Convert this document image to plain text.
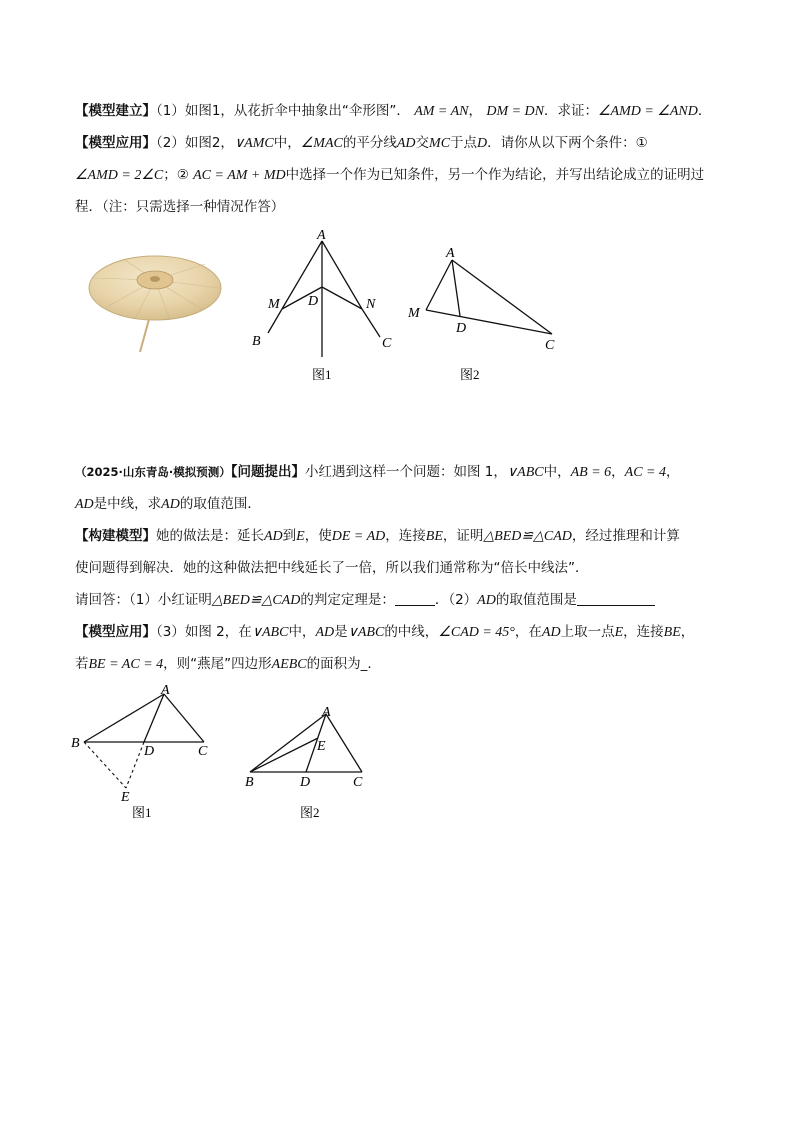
【模型建立】（1）如图1，从花折伞中抽象出“伞形图”． AM = AN， DM = DN．求证：∠AMD = ∠AND．
【模型应用】（2）如图2，∨AMC中，∠MAC的平分线AD交MC于点D．请你从以下两个条件：①
∠AMD = 2∠C；② AC = AM + MD中选择一个作为已知条件，另一个作为结论，并写出结论成立的证明过
程．（注：只需选择一种情况作答）
A
M D	N
B	C
图1
A
M
D
C
图2
（2025·山东青岛·模拟预测）【问题提出】小红遇到这样一个问题：如图 1，∨ABC中，AB = 6，AC = 4，
AD是中线，求AD的取值范围．
【构建模型】她的做法是：延长AD到E，使DE = AD，连接BE，证明△BED≌△CAD，经过推理和计算
使问题得到解决．她的这种做法把中线延长了一倍，所以我们通常称为“倍长中线法”．
请回答：（1）小红证明△BED≌△CAD的判定定理是：	．（2）AD的取值范围是
【模型应用】（3）如图 2，在∨ABC中，AD是∨ABC的中线，∠CAD = 45°，在AD上取一点E，连接BE，
若BE = AC = 4，则“燕尾”四边形AEBC的面积为_.
A
B
D	C
E
图1
A
E
B	D	C
图2
